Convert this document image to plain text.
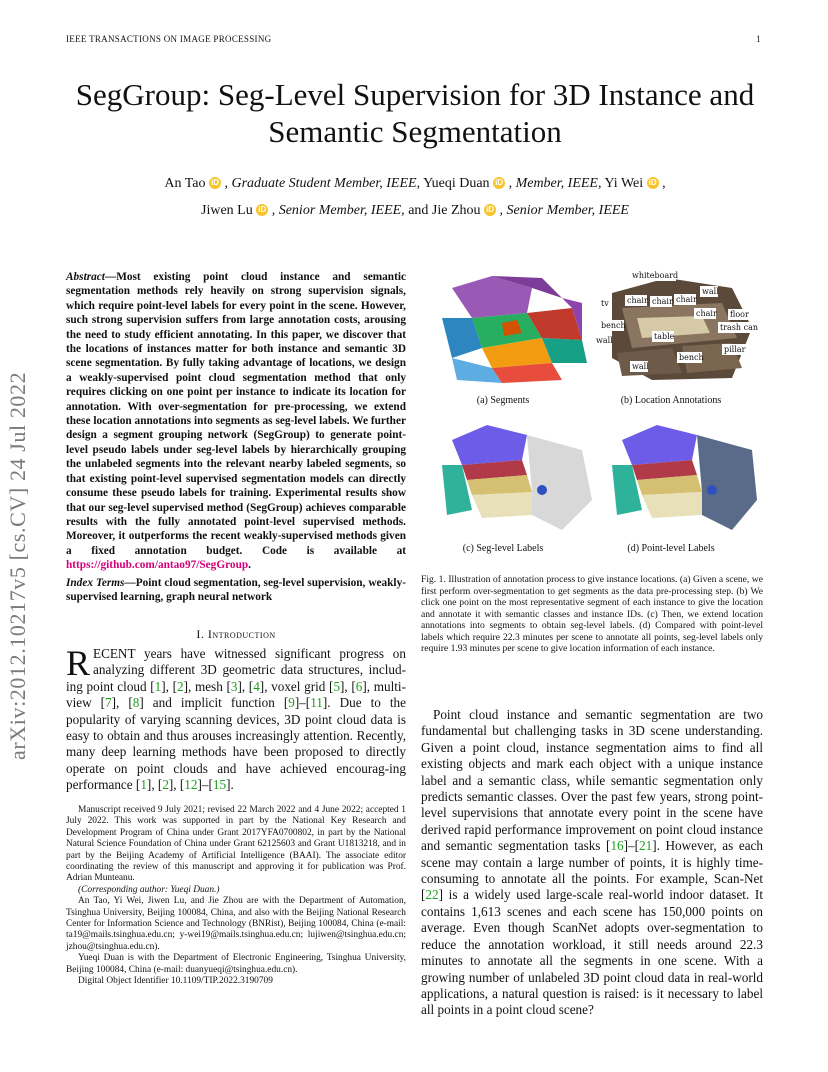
IEEE TRANSACTIONS ON IMAGE PROCESSING	1
SegGroup: Seg-Level Supervision for 3D Instance and Semantic Segmentation
An Tao iD , Graduate Student Member, IEEE, Yueqi Duan iD , Member, IEEE, Yi Wei iD ,
Jiwen Lu iD , Senior Member, IEEE, and Jie Zhou iD , Senior Member, IEEE
arXiv:2012.10217v5 [cs.CV] 24 Jul 2022
Abstract—Most existing point cloud instance and semantic segmentation methods rely heavily on strong supervision signals, which require point-level labels for every point in the scene. However, such strong supervision suffers from large annotation costs, arousing the need to study efficient annotating. In this paper, we discover that the locations of instances matter for both instance and semantic 3D scene segmentation. By fully taking advantage of locations, we design a weakly-supervised point cloud segmentation method that only requires clicking on one point per instance to indicate its location for annotation. With over-segmentation for pre-processing, we extend these location annotations into segments as seg-level labels. We further design a segment grouping network (SegGroup) to generate point-level pseudo labels under seg-level labels by hierarchically grouping the unlabeled segments into the relevant nearby labeled segments, so that existing point-level supervised segmentation models can directly consume these pseudo labels for training. Experimental results show that our seg-level supervised method (SegGroup) achieves comparable results with the fully annotated point-level supervised methods. Moreover, it outperforms the recent weakly-supervised methods given a fixed annotation budget. Code is available at https://github.com/antao97/SegGroup.
Index Terms—Point cloud segmentation, seg-level supervision, weakly-supervised learning, graph neural network
I. Introduction
RECENT years have witnessed significant progress on analyzing different 3D geometric data structures, includ-ing point cloud [1], [2], mesh [3], [4], voxel grid [5], [6], multi-view [7], [8] and implicit function [9]–[11]. Due to the popularity of varying scanning devices, 3D point cloud data is easy to obtain and thus arouses increasingly attention. Recently, many deep learning methods have been proposed to directly operate on point clouds and have achieved encourag-ing performance [1], [2], [12]–[15].

Manuscript received 9 July 2021; revised 22 March 2022 and 4 June 2022; accepted 1 July 2022. This work was supported in part by the National Key Research and Development Program of China under Grant 2017YFA0700802, in part by the National Natural Science Foundation of China under Grant 62125603 and Grant U1813218, and in part by the Beijing Academy of Artificial Intelligence (BAAI). The associate editor coordinating the review of this manuscript and approving it for publication was Prof. Adrian Munteanu.

(Corresponding author: Yueqi Duan.)

An Tao, Yi Wei, Jiwen Lu, and Jie Zhou are with the Department of Automation, Tsinghua University, Beijing 100084, China, and also with the Beijing National Research Center for Information Science and Technology (BNRist), Beijing 100084, China (e-mail: ta19@mails.tsinghua.edu.cn; y-wei19@mails.tsinghua.edu.cn; lujiwen@tsinghua.edu.cn; jzhou@tsinghua.edu.cn).

Yueqi Duan is with the Department of Electronic Engineering, Tsinghua University, Beijing 100084, China (e-mail: duanyueqi@tsinghua.edu.cn).

Digital Object Identifier 10.1109/TIP.2022.3190709

whiteboard
wall
tv chair chair chair
chair floor
bench	trash can
table
wall
pillar
bench
wall
(a) Segments	(b) Location Annotations
(c) Seg-level Labels	(d) Point-level Labels
Fig. 1. Illustration of annotation process to give instance locations. (a) Given a scene, we first perform over-segmentation to get segments as the data pre-processing step. (b) We click one point on the most representative segment of each instance to give the location and annotate it with semantic classes and instance IDs. (c) Then, we extend location annotations into segments to obtain seg-level labels. (d) Compared with point-level labels which require 22.3 minutes per scene to annotate all points, seg-level labels only require 1.93 minutes per scene to give location information of each instance.

Point cloud instance and semantic segmentation are two fundamental but challenging tasks in 3D scene understanding. Given a point cloud, instance segmentation aims to find all existing objects and mark each object with a unique instance label and a semantic class, while semantic segmentation only predicts semantic classes. Over the past few years, strong point-level supervisions that annotate every point in the scene have derived rapid performance improvement on point cloud instance and semantic segmentation tasks [16]–[21]. However, as each scene may contain a large number of points, it is highly time-consuming to annotate all the points. For example, Scan-Net [22] is a widely used large-scale real-world indoor dataset. It contains 1,613 scenes and each scene has 150,000 points on average. Even though ScanNet adopts over-segmentation to reduce the annotation workload, it still needs around 22.3 minutes to annotate all the segments in one scene. With a growing number of unlabeled 3D point cloud data in real-world applications, a natural question is raised: is it necessary to label all points in a point cloud scene?
